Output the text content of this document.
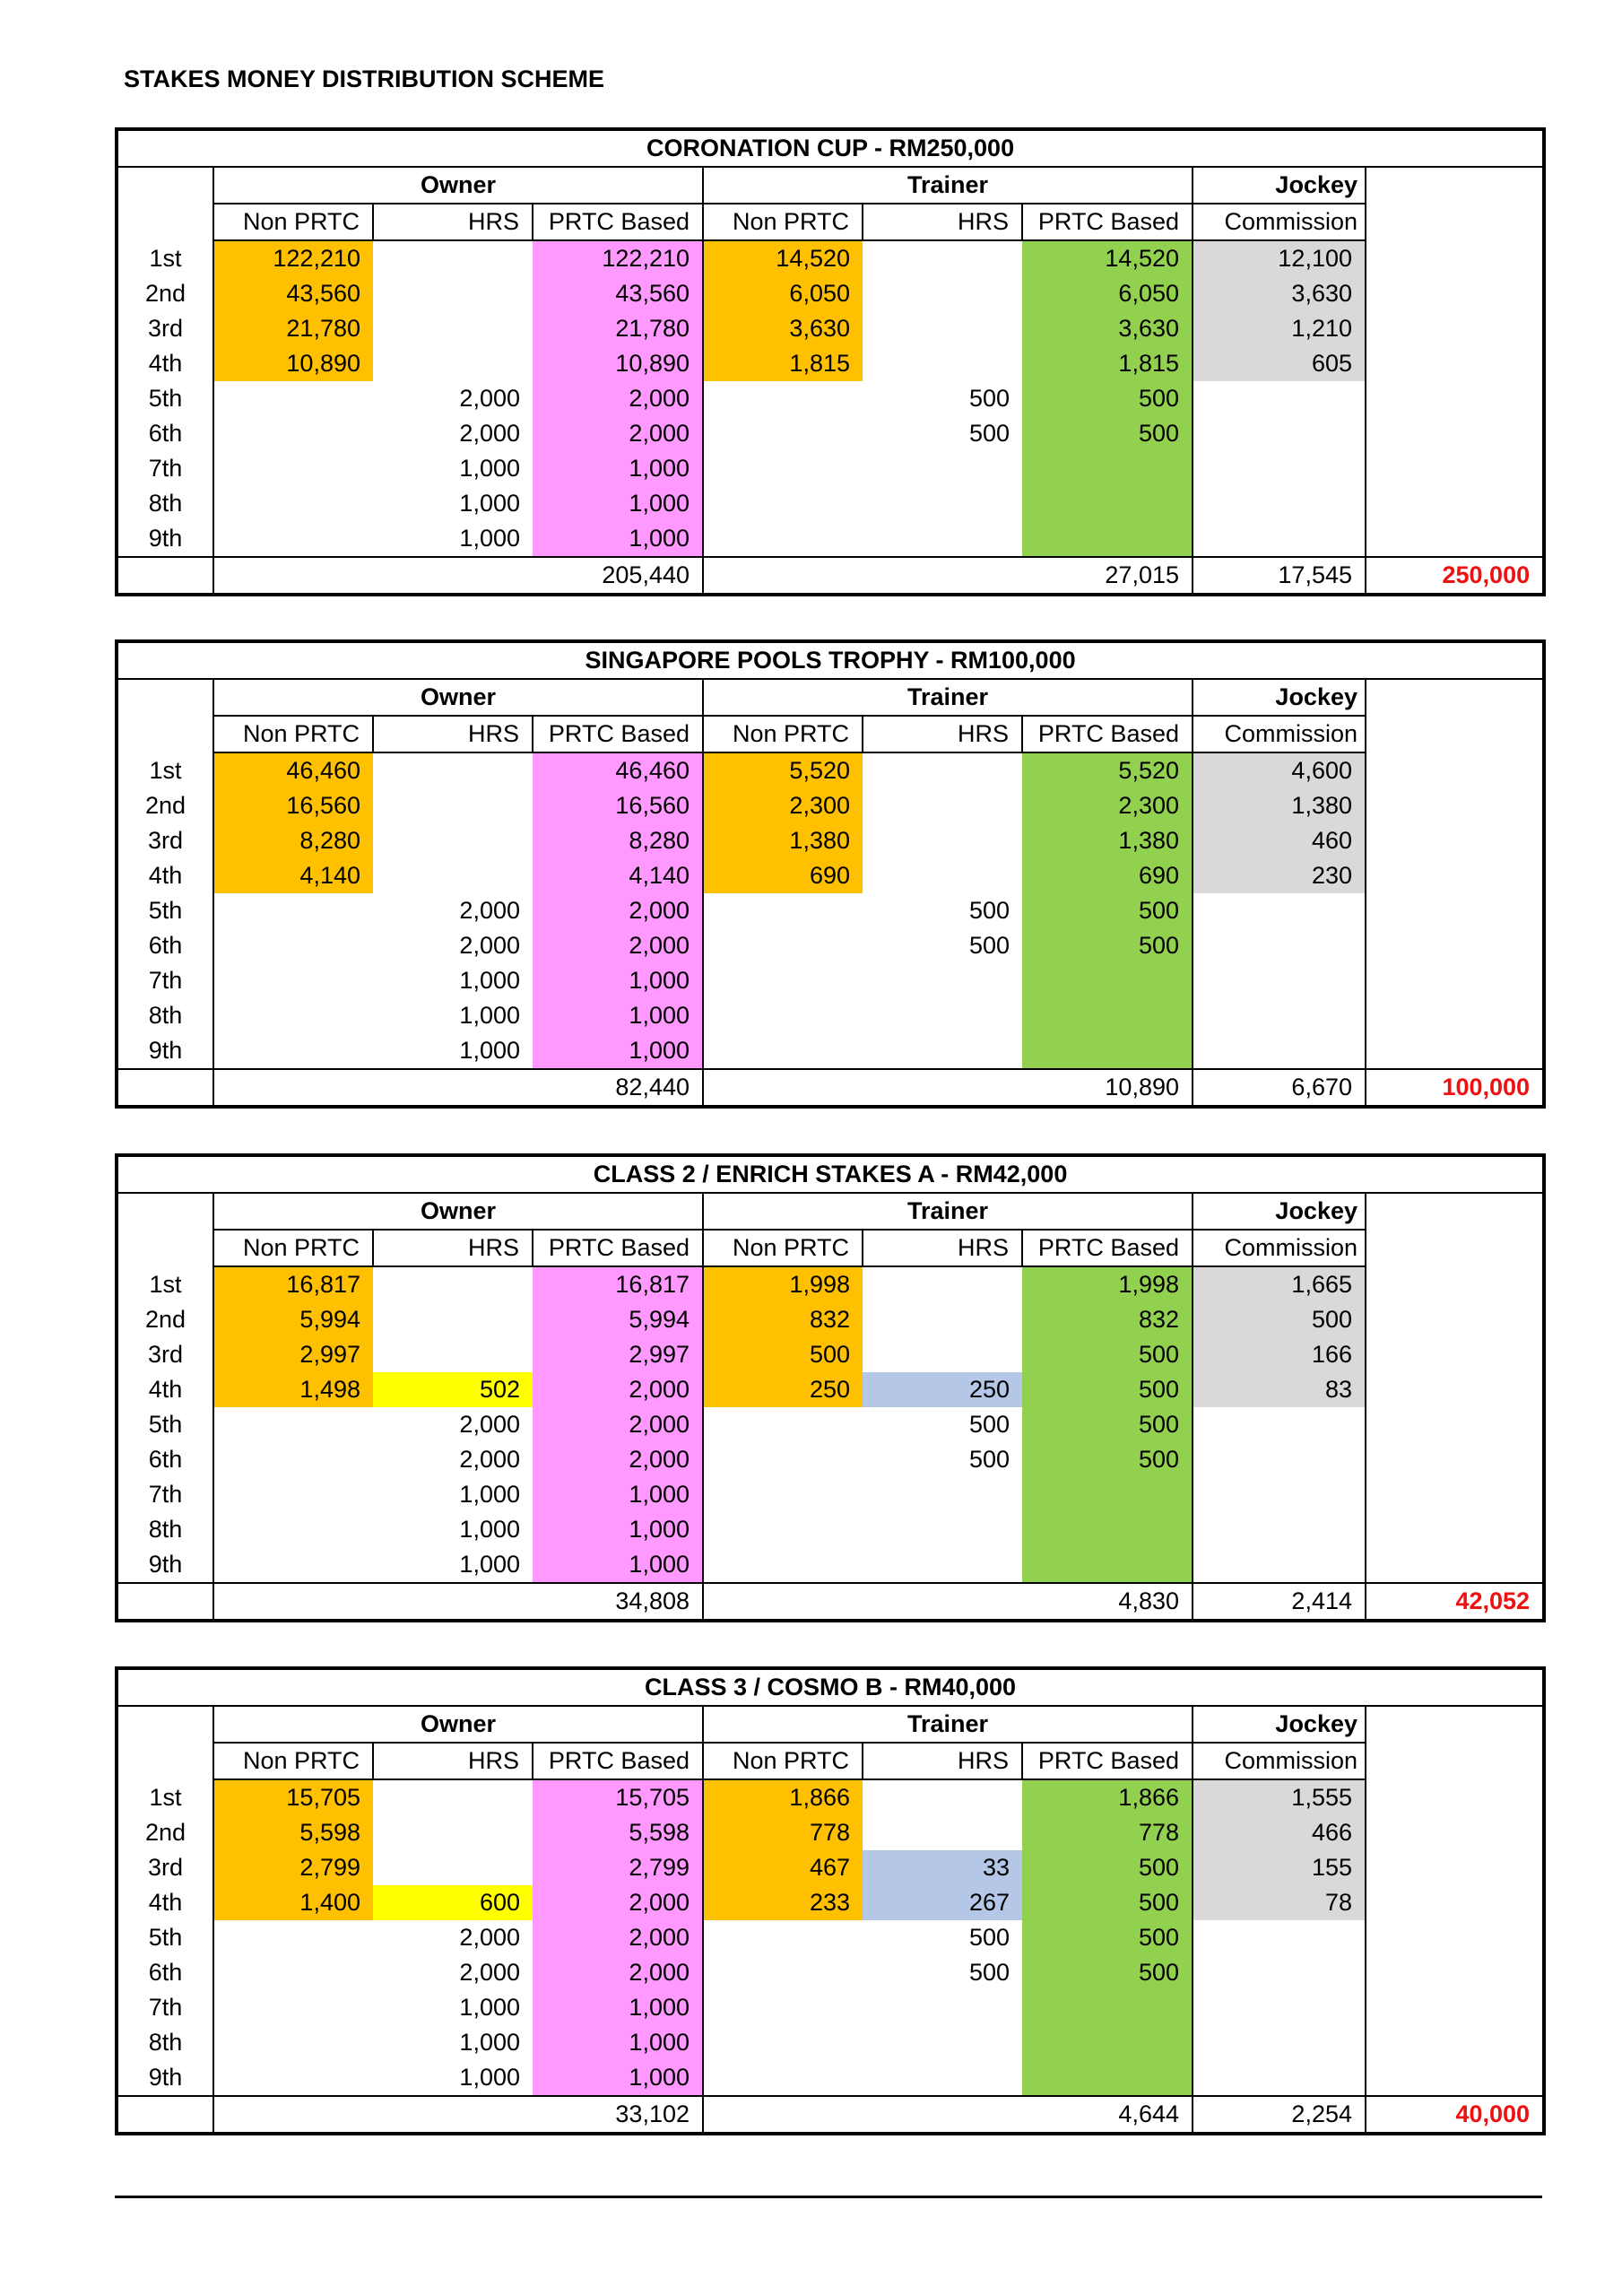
STAKES MONEY DISTRIBUTION SCHEME
CORONATION CUP - RM250,000								
	Owner			Trainer			Jockey	
	Non PRTC	HRS	PRTC Based	Non PRTC	HRS	PRTC Based	Commission	
1st	122,210		122,210	14,520		14,520	12,100	
2nd	43,560		43,560	6,050		6,050	3,630	
3rd	21,780		21,780	3,630		3,630	1,210	
4th	10,890		10,890	1,815		1,815	605	
5th		2,000	2,000		500	500		
6th		2,000	2,000		500	500		
7th		1,000	1,000					
8th		1,000	1,000					
9th		1,000	1,000					
			205,440			27,015	17,545	250,000
SINGAPORE POOLS TROPHY - RM100,000								
	Owner			Trainer			Jockey	
	Non PRTC	HRS	PRTC Based	Non PRTC	HRS	PRTC Based	Commission	
1st	46,460		46,460	5,520		5,520	4,600	
2nd	16,560		16,560	2,300		2,300	1,380	
3rd	8,280		8,280	1,380		1,380	460	
4th	4,140		4,140	690		690	230	
5th		2,000	2,000		500	500		
6th		2,000	2,000		500	500		
7th		1,000	1,000					
8th		1,000	1,000					
9th		1,000	1,000					
			82,440			10,890	6,670	100,000
CLASS 2 / ENRICH STAKES A - RM42,000								
	Owner			Trainer			Jockey	
	Non PRTC	HRS	PRTC Based	Non PRTC	HRS	PRTC Based	Commission	
1st	16,817		16,817	1,998		1,998	1,665	
2nd	5,994		5,994	832		832	500	
3rd	2,997		2,997	500		500	166	
4th	1,498	502	2,000	250	250	500	83	
5th		2,000	2,000		500	500		
6th		2,000	2,000		500	500		
7th		1,000	1,000					
8th		1,000	1,000					
9th		1,000	1,000					
			34,808			4,830	2,414	42,052
CLASS 3 / COSMO B - RM40,000								
	Owner			Trainer			Jockey	
	Non PRTC	HRS	PRTC Based	Non PRTC	HRS	PRTC Based	Commission	
1st	15,705		15,705	1,866		1,866	1,555	
2nd	5,598		5,598	778		778	466	
3rd	2,799		2,799	467	33	500	155	
4th	1,400	600	2,000	233	267	500	78	
5th		2,000	2,000		500	500		
6th		2,000	2,000		500	500		
7th		1,000	1,000					
8th		1,000	1,000					
9th		1,000	1,000					
			33,102			4,644	2,254	40,000
